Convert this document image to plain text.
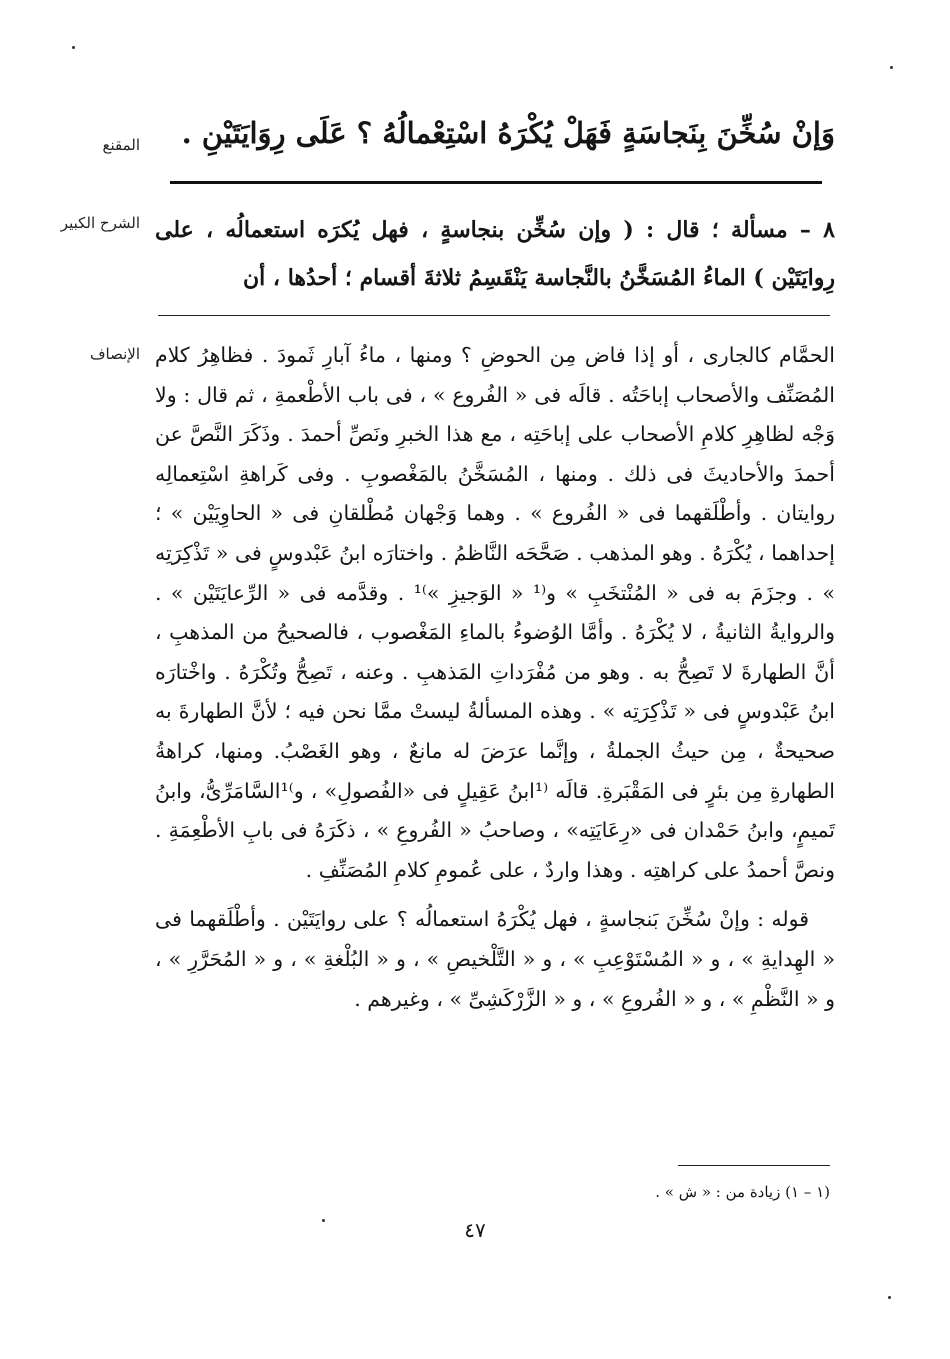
المقنع	وَإنْ سُخِّنَ بِنَجاسَةٍ فَهَلْ يُكْرَهُ اسْتِعْمالُهُ ؟ عَلَى رِوَايَتَيْنِ .
الشرح الكبير ٨ – مسألة ؛ قال : ( وإن سُخِّن بنجاسةٍ ، فهل يُكرَه استعمالُه ، على رِوايَتَيْن ) الماءُ المُسَخَّنُ بالنَّجاسة يَنْقَسِمُ ثلاثةَ أقسام ؛ أحدُها ، أن
الإنصاف الحمَّام كالجارى ، أو إذا فاض مِن الحوضِ ؟ ومنها ، ماءُ آبارِ ثَمودَ . فظاهِرُ كلام المُصَنِّف والأصحاب إباحَتُه . قالَه فى « الفُروع » ، فى باب الأطْعمةِ ، ثم قال : ولا وَجْه لظاهِرِ كلامِ الأصحاب على إباحَتِه ، مع هذا الخبرِ ونَصِّ أحمدَ . وذَكَرَ النَّصَّ عن أحمدَ والأحاديثَ فى ذلك . ومنها ، المُسَخَّنُ بالمَغْصوبِ . وفى كَراهةِ اسْتِعمالِه روايتان . وأطْلَقهما فى « الفُروع » . وهما وَجْهان مُطْلقانِ فى « الحاوِيَيْن » ؛ إحداهما ، يُكْرَهُ . وهو المذهب . صَحَّحَه النَّاظمُ . واختارَه ابنُ عَبْدوسٍ فى « تَذْكِرَتِه » . وجزَمَ به فى « المُنْتخَبِ » و⁽¹ « الوَجيزِ »⁾¹ . وقدَّمه فى « الرِّعايَتَيْن » . والروايةُ الثانيةُ ، لا يُكْرَهُ . وأمَّا الوُضوءُ بالماءِ المَغْصوب ، فالصحيحُ من المذهبِ ، أنَّ الطهارةَ لا تَصِحُّ به . وهو من مُفْرَداتِ المَذهبِ . وعنه ، تَصِحُّ وتُكْرَهُ . واخْتارَه ابنُ عَبْدوسٍ فى « تَذْكِرَتِه » . وهذه المسألةُ ليستْ ممَّا نحن فيه ؛ لأنَّ الطهارةَ به صحيحةٌ ، مِن حيثُ الجملةُ ، وإنَّما عرَضَ له مانعٌ ، وهو الغَصْبُ. ومنها، كراهةُ الطهارةِ مِن بئرٍ فى المَقْبَرةِ. قالَه ⁽¹ابنُ عَقِيلٍ فى «الفُصولِ» ، و⁾¹السَّامَرِّىُّ، وابنُ تَميمٍ، وابنُ حَمْدان فى «رِعَايَتِه» ، وصاحبُ « الفُروعِ » ، ذكَرَهُ فى بابِ الأطْعِمَةِ . ونصَّ أحمدُ على كراهتِه . وهذا واردٌ ، على عُمومِ كلامِ المُصَنِّفِ .

قوله : وإنْ سُخِّنَ بَنجاسةٍ ، فهل يُكْرَهُ استعمالُه ؟ على روايَتَيْن . وأطْلَقهما فى « الهِدايةِ » ، و « المُسْتَوْعِبِ » ، و « التَّلْخيصِ » ، و « البُلْغةِ » ، و « المُحَرَّرِ » ، و « النَّظْمِ » ، و « الفُروعِ » ، و « الزَّرْكَشِىِّ » ، وغيرهم .

(١ – ١) زيادة من : « ش » .
٤٧
